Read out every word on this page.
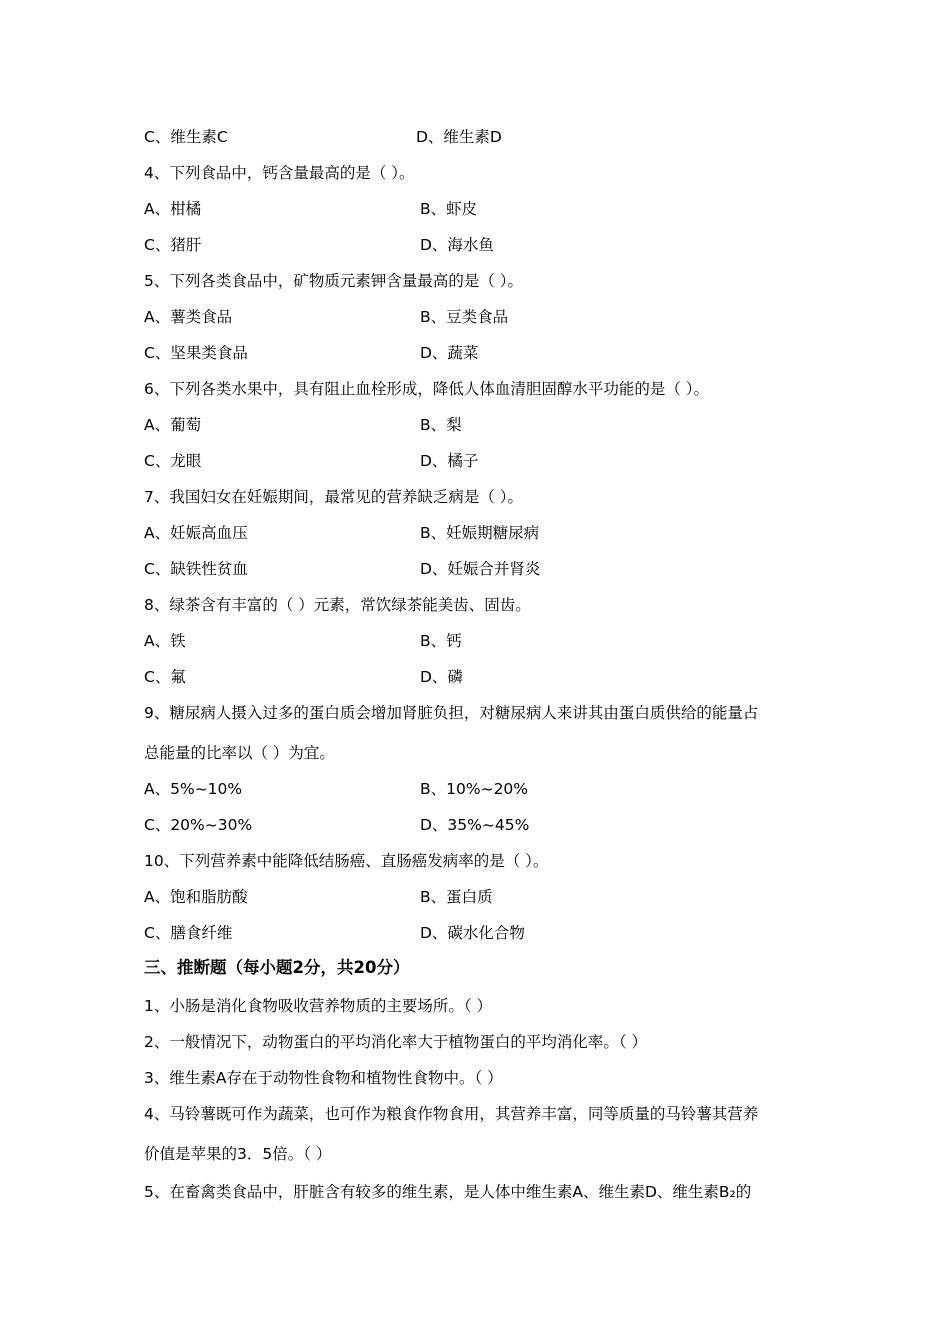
C、维生素C	D、维生素D
4、下列食品中，钙含量最高的是（ ）。
A、柑橘	B、虾皮
C、猪肝	D、海水鱼
5、下列各类食品中，矿物质元素钾含量最高的是（ ）。
A、薯类食品	B、豆类食品
C、坚果类食品	D、蔬菜
6、下列各类水果中，具有阻止血栓形成，降低人体血清胆固醇水平功能的是（ ）。
A、葡萄	B、梨
C、龙眼	D、橘子
7、我国妇女在妊娠期间，最常见的营养缺乏病是（ ）。
A、妊娠高血压	B、妊娠期糖尿病
C、缺铁性贫血	D、妊娠合并肾炎
8、绿茶含有丰富的（ ）元素，常饮绿茶能美齿、固齿。
A、铁	B、钙
C、氟	D、磷
9、糖尿病人摄入过多的蛋白质会增加肾脏负担，对糖尿病人来讲其由蛋白质供给的能量占
总能量的比率以（ ）为宜。
A、5%~10%	B、10%~20%
C、20%~30%	D、35%~45%
10、下列营养素中能降低结肠癌、直肠癌发病率的是（ ）。
A、饱和脂肪酸	B、蛋白质
C、膳食纤维	D、碳水化合物
三、推断题（每小题2分，共20分）
1、小肠是消化食物吸收营养物质的主要场所。（ ）
2、一般情况下，动物蛋白的平均消化率大于植物蛋白的平均消化率。（ ）
3、维生素A存在于动物性食物和植物性食物中。（ ）
4、马铃薯既可作为蔬菜，也可作为粮食作物食用，其营养丰富，同等质量的马铃薯其营养
价值是苹果的3．5倍。（ ）
5、在畜禽类食品中，肝脏含有较多的维生素，是人体中维生素A、维生素D、维生素B₂的
